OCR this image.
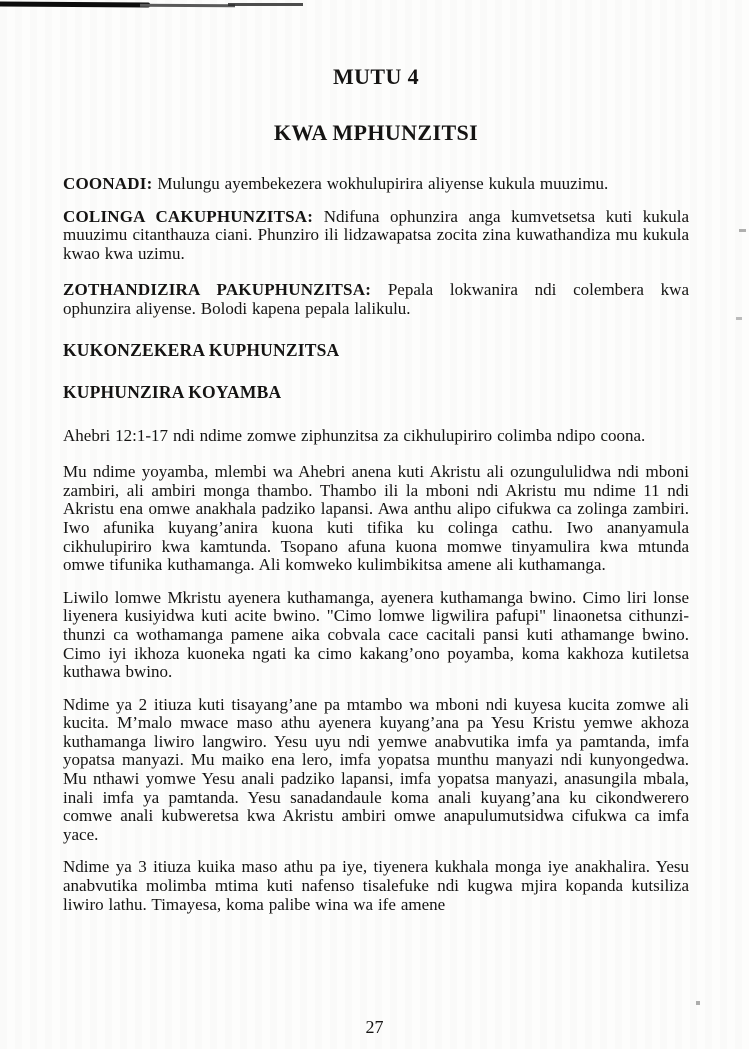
MUTU 4
KWA MPHUNZITSI

COONADI: Mulungu ayembekezera wokhulupirira aliyense kukula muuzimu.

COLINGA CAKUPHUNZITSA: Ndifuna ophunzira anga kumvetsetsa kuti kukula muuzimu citanthauza ciani. Phunziro ili lidzawapatsa zocita zina kuwathandiza mu kukula kwao kwa uzimu.

ZOTHANDIZIRA PAKUPHUNZITSA: Pepala lokwanira ndi colembera kwa ophunzira aliyense. Bolodi kapena pepala lalikulu.

KUKONZEKERA KUPHUNZITSA

KUPHUNZIRA KOYAMBA

Ahebri 12:1-17 ndi ndime zomwe ziphunzitsa za cikhulupiriro colimba ndipo coona.

Mu ndime yoyamba, mlembi wa Ahebri anena kuti Akristu ali ozungululidwa ndi mboni zambiri, ali ambiri monga thambo. Thambo ili la mboni ndi Akristu mu ndime 11 ndi Akristu ena omwe anakhala padziko lapansi. Awa anthu alipo cifukwa ca zolinga zambiri. Iwo afunika kuyang’anira kuona kuti tifika ku colinga cathu. Iwo ananyamula cikhulupiriro kwa kamtunda. Tsopano afuna kuona momwe tinyamulira kwa mtunda omwe tifunika kuthamanga. Ali komweko kulimbikitsa amene ali kuthamanga.

Liwilo lomwe Mkristu ayenera kuthamanga, ayenera kuthamanga bwino. Cimo liri lonse liyenera kusiyidwa kuti acite bwino. "Cimo lomwe ligwilira pafupi" linaonetsa cithunzi-thunzi ca wothamanga pamene aika cobvala cace cacitali pansi kuti athamange bwino. Cimo iyi ikhoza kuoneka ngati ka cimo kakang’ono poyamba, koma kakhoza kutiletsa kuthawa bwino.

Ndime ya 2 itiuza kuti tisayang’ane pa mtambo wa mboni ndi kuyesa kucita zomwe ali kucita. M’malo mwace maso athu ayenera kuyang’ana pa Yesu Kristu yemwe akhoza kuthamanga liwiro langwiro. Yesu uyu ndi yemwe anabvutika imfa ya pamtanda, imfa yopatsa manyazi. Mu maiko ena lero, imfa yopatsa munthu manyazi ndi kunyongedwa. Mu nthawi yomwe Yesu anali padziko lapansi, imfa yopatsa manyazi, anasungila mbala, inali imfa ya pamtanda. Yesu sanadandaule koma anali kuyang’ana ku cikondwerero comwe anali kubweretsa kwa Akristu ambiri omwe anapulumutsidwa cifukwa ca imfa yace.

Ndime ya 3 itiuza kuika maso athu pa iye, tiyenera kukhala monga iye anakhalira. Yesu anabvutika molimba mtima kuti nafenso tisalefuke ndi kugwa mjira kopanda kutsiliza liwiro lathu. Timayesa, koma palibe wina wa ife amene

27
